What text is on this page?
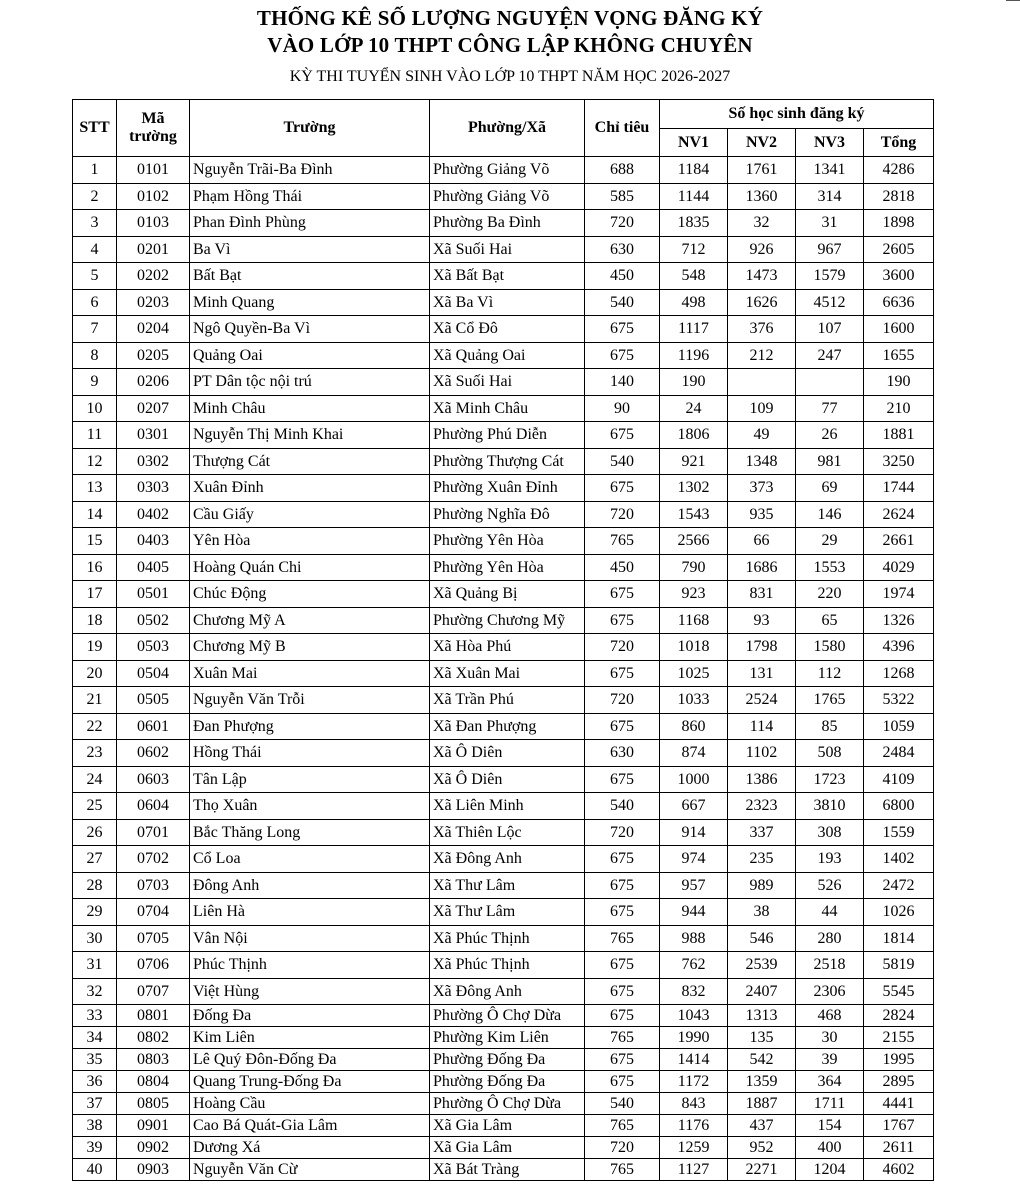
THỐNG KÊ SỐ LƯỢNG NGUYỆN VỌNG ĐĂNG KÝ
VÀO LỚP 10 THPT CÔNG LẬP KHÔNG CHUYÊN
KỲ THI TUYỂN SINH VÀO LỚP 10 THPT NĂM HỌC 2026-2027
STT	Mã trường	Trường	Phường/Xã	Chỉ tiêu	Số học sinh đăng ký			
					NV1	NV2	NV3	Tổng
1	0101	Nguyễn Trãi-Ba Đình	Phường Giảng Võ	688	1184	1761	1341	4286
2	0102	Phạm Hồng Thái	Phường Giảng Võ	585	1144	1360	314	2818
3	0103	Phan Đình Phùng	Phường Ba Đình	720	1835	32	31	1898
4	0201	Ba Vì	Xã Suối Hai	630	712	926	967	2605
5	0202	Bất Bạt	Xã Bất Bạt	450	548	1473	1579	3600
6	0203	Minh Quang	Xã Ba Vì	540	498	1626	4512	6636
7	0204	Ngô Quyền-Ba Vì	Xã Cổ Đô	675	1117	376	107	1600
8	0205	Quảng Oai	Xã Quảng Oai	675	1196	212	247	1655
9	0206	PT Dân tộc nội trú	Xã Suối Hai	140	190			190
10	0207	Minh Châu	Xã Minh Châu	90	24	109	77	210
11	0301	Nguyễn Thị Minh Khai	Phường Phú Diễn	675	1806	49	26	1881
12	0302	Thượng Cát	Phường Thượng Cát	540	921	1348	981	3250
13	0303	Xuân Đỉnh	Phường Xuân Đỉnh	675	1302	373	69	1744
14	0402	Cầu Giấy	Phường Nghĩa Đô	720	1543	935	146	2624
15	0403	Yên Hòa	Phường Yên Hòa	765	2566	66	29	2661
16	0405	Hoàng Quán Chi	Phường Yên Hòa	450	790	1686	1553	4029
17	0501	Chúc Động	Xã Quảng Bị	675	923	831	220	1974
18	0502	Chương Mỹ A	Phường Chương Mỹ	675	1168	93	65	1326
19	0503	Chương Mỹ B	Xã Hòa Phú	720	1018	1798	1580	4396
20	0504	Xuân Mai	Xã Xuân Mai	675	1025	131	112	1268
21	0505	Nguyễn Văn Trỗi	Xã Trần Phú	720	1033	2524	1765	5322
22	0601	Đan Phượng	Xã Đan Phượng	675	860	114	85	1059
23	0602	Hồng Thái	Xã Ô Diên	630	874	1102	508	2484
24	0603	Tân Lập	Xã Ô Diên	675	1000	1386	1723	4109
25	0604	Thọ Xuân	Xã Liên Minh	540	667	2323	3810	6800
26	0701	Bắc Thăng Long	Xã Thiên Lộc	720	914	337	308	1559
27	0702	Cổ Loa	Xã Đông Anh	675	974	235	193	1402
28	0703	Đông Anh	Xã Thư Lâm	675	957	989	526	2472
29	0704	Liên Hà	Xã Thư Lâm	675	944	38	44	1026
30	0705	Vân Nội	Xã Phúc Thịnh	765	988	546	280	1814
31	0706	Phúc Thịnh	Xã Phúc Thịnh	675	762	2539	2518	5819
32	0707	Việt Hùng	Xã Đông Anh	675	832	2407	2306	5545
33	0801	Đống Đa	Phường Ô Chợ Dừa	675	1043	1313	468	2824
34	0802	Kim Liên	Phường Kim Liên	765	1990	135	30	2155
35	0803	Lê Quý Đôn-Đống Đa	Phường Đống Đa	675	1414	542	39	1995
36	0804	Quang Trung-Đống Đa	Phường Đống Đa	675	1172	1359	364	2895
37	0805	Hoàng Cầu	Phường Ô Chợ Dừa	540	843	1887	1711	4441
38	0901	Cao Bá Quát-Gia Lâm	Xã Gia Lâm	765	1176	437	154	1767
39	0902	Dương Xá	Xã Gia Lâm	720	1259	952	400	2611
40	0903	Nguyễn Văn Cừ	Xã Bát Tràng	765	1127	2271	1204	4602
